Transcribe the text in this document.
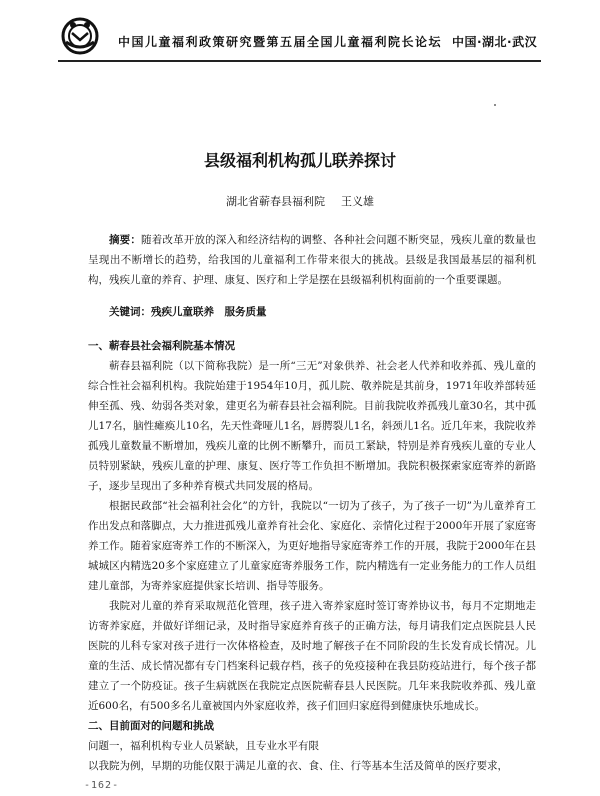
中国儿童福利政策研究暨第五届全国儿童福利院长论坛 中国·湖北·武汉
县级福利机构孤儿联养探讨
湖北省蕲春县福利院 王义雄

摘要：随着改革开放的深入和经济结构的调整、各种社会问题不断突显，残疾儿童的数量也呈现出不断增长的趋势，给我国的儿童福利工作带来很大的挑战。县级是我国最基层的福利机构，残疾儿童的养育、护理、康复、医疗和上学是摆在县级福利机构面前的一个重要课题。

关键词：残疾儿童联养　服务质量

一、蕲春县社会福利院基本情况

蕲春县福利院（以下简称我院）是一所“三无”对象供养、社会老人代养和收养孤、残儿童的综合性社会福利机构。我院始建于1954年10月，孤儿院、敬养院是其前身，1971年收养部转延伸至孤、残、幼弱各类对象，建更名为蕲春县社会福利院。目前我院收养孤残儿童30名，其中孤儿17名，脑性瘫痪儿10名，先天性聋哑儿1名，唇腭裂儿1名，斜颈儿1名。近几年来，我院收养孤残儿童数量不断增加，残疾儿童的比例不断攀升，而员工紧缺，特别是养育残疾儿童的专业人员特别紧缺，残疾儿童的护理、康复、医疗等工作负担不断增加。我院积极探索家庭寄养的新路子，逐步呈现出了多种养育模式共同发展的格局。

根据民政部“社会福利社会化”的方针，我院以“一切为了孩子，为了孩子一切”为儿童养育工作出发点和落脚点，大力推进孤残儿童养育社会化、家庭化、亲情化过程于2000年开展了家庭寄养工作。随着家庭寄养工作的不断深入，为更好地指导家庭寄养工作的开展，我院于2000年在县城城区内精选20多个家庭建立了儿童家庭寄养服务工作，院内精选有一定业务能力的工作人员组建儿童部，为寄养家庭提供家长培训、指导等服务。

我院对儿童的养育采取规范化管理，孩子进入寄养家庭时签订寄养协议书，每月不定期地走访寄养家庭，并做好详细记录，及时指导家庭养育孩子的正确方法，每月请我们定点医院县人民医院的儿科专家对孩子进行一次体格检查，及时地了解孩子在不同阶段的生长发育成长情况。儿童的生活、成长情况都有专门档案科记载存档，孩子的免疫接种在我县防疫站进行，每个孩子都建立了一个防疫证。孩子生病就医在我院定点医院蕲春县人民医院。几年来我院收养孤、残儿童近600名，有500多名儿童被国内外家庭收养，孩子们回归家庭得到健康快乐地成长。

二、目前面对的问题和挑战

问题一，福利机构专业人员紧缺，且专业水平有限

以我院为例，早期的功能仅限于满足儿童的衣、食、住、行等基本生活及简单的医疗要求，

-162-
